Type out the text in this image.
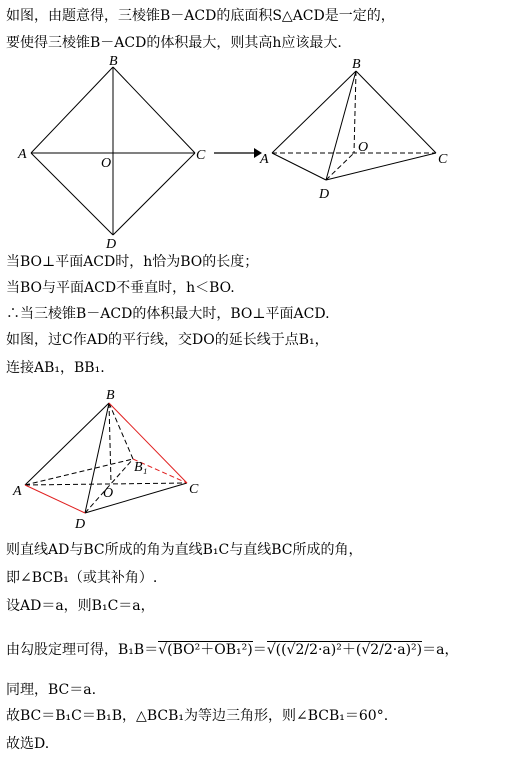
如图，由题意得，三棱锥B－ACD的底面积S△ACD是一定的，
要使得三棱锥B－ACD的体积最大，则其高h应该最大.
B
A	C
D
O
B
A	C
D
O
当BO⊥平面ACD时，h恰为BO的长度；
当BO与平面ACD不垂直时，h＜BO.
∴当三棱锥B－ACD的体积最大时，BO⊥平面ACD.
如图，过C作AD的平行线，交DO的延长线于点B₁，
连接AB₁，BB₁.
B
A	C
D
O
B₁
则直线AD与BC所成的角为直线B₁C与直线BC所成的角，
即∠BCB₁（或其补角）.
设AD＝a，则B₁C＝a，
由勾股定理可得，B₁B＝√(BO²＋OB₁²)＝√((√2/2·a)²＋(√2/2·a)²)＝a，
同理，BC＝a.
故BC＝B₁C＝B₁B，△BCB₁为等边三角形，则∠BCB₁＝60°.
故选D.
